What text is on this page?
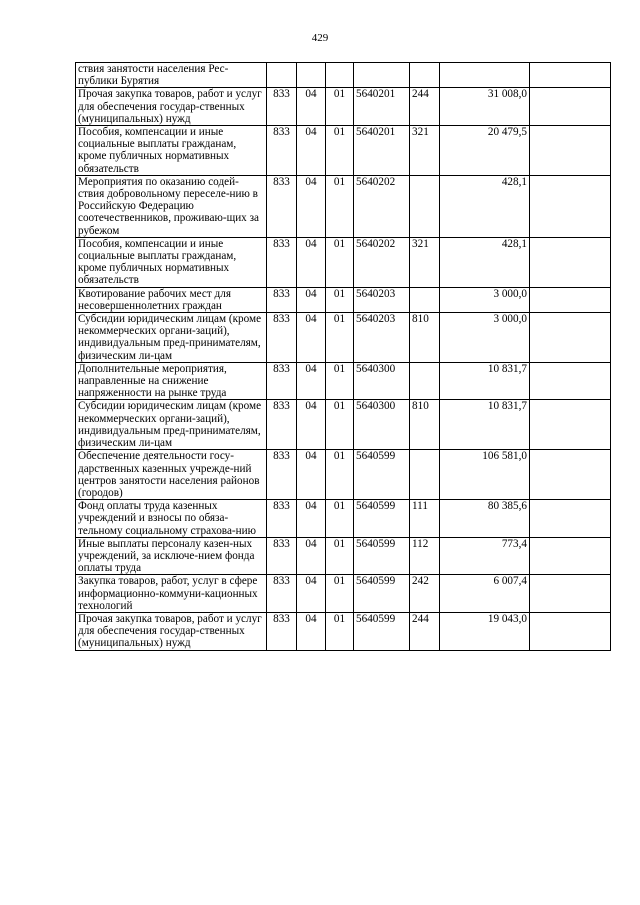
429
ствия занятости населения Рес-публики Бурятия							
Прочая закупка товаров, работ и услуг для обеспечения государ-ственных (муниципальных) нужд	833	04	01	5640201	244	31 008,0	
Пособия, компенсации и иные социальные выплаты гражданам, кроме публичных нормативных обязательств	833	04	01	5640201	321	20 479,5	
Мероприятия по оказанию содей-ствия добровольному переселе-нию в Российскую Федерацию соотечественников, проживаю-щих за рубежом	833	04	01	5640202		428,1	
Пособия, компенсации и иные социальные выплаты гражданам, кроме публичных нормативных обязательств	833	04	01	5640202	321	428,1	
Квотирование рабочих мест для несовершеннолетних граждан	833	04	01	5640203		3 000,0	
Субсидии юридическим лицам (кроме некоммерческих органи-заций), индивидуальным пред-принимателям, физическим ли-цам	833	04	01	5640203	810	3 000,0	
Дополнительные мероприятия, направленные на снижение напряженности на рынке труда	833	04	01	5640300		10 831,7	
Субсидии юридическим лицам (кроме некоммерческих органи-заций), индивидуальным пред-принимателям, физическим ли-цам	833	04	01	5640300	810	10 831,7	
Обеспечение деятельности госу-дарственных казенных учрежде-ний центров занятости населения районов (городов)	833	04	01	5640599		106 581,0	
Фонд оплаты труда казенных учреждений и взносы по обяза-тельному социальному страхова-нию	833	04	01	5640599	111	80 385,6	
Иные выплаты персоналу казен-ных учреждений, за исключе-нием фонда оплаты труда	833	04	01	5640599	112	773,4	
Закупка товаров, работ, услуг в сфере информационно-коммуни-кационных технологий	833	04	01	5640599	242	6 007,4	
Прочая закупка товаров, работ и услуг для обеспечения государ-ственных (муниципальных) нужд	833	04	01	5640599	244	19 043,0	
